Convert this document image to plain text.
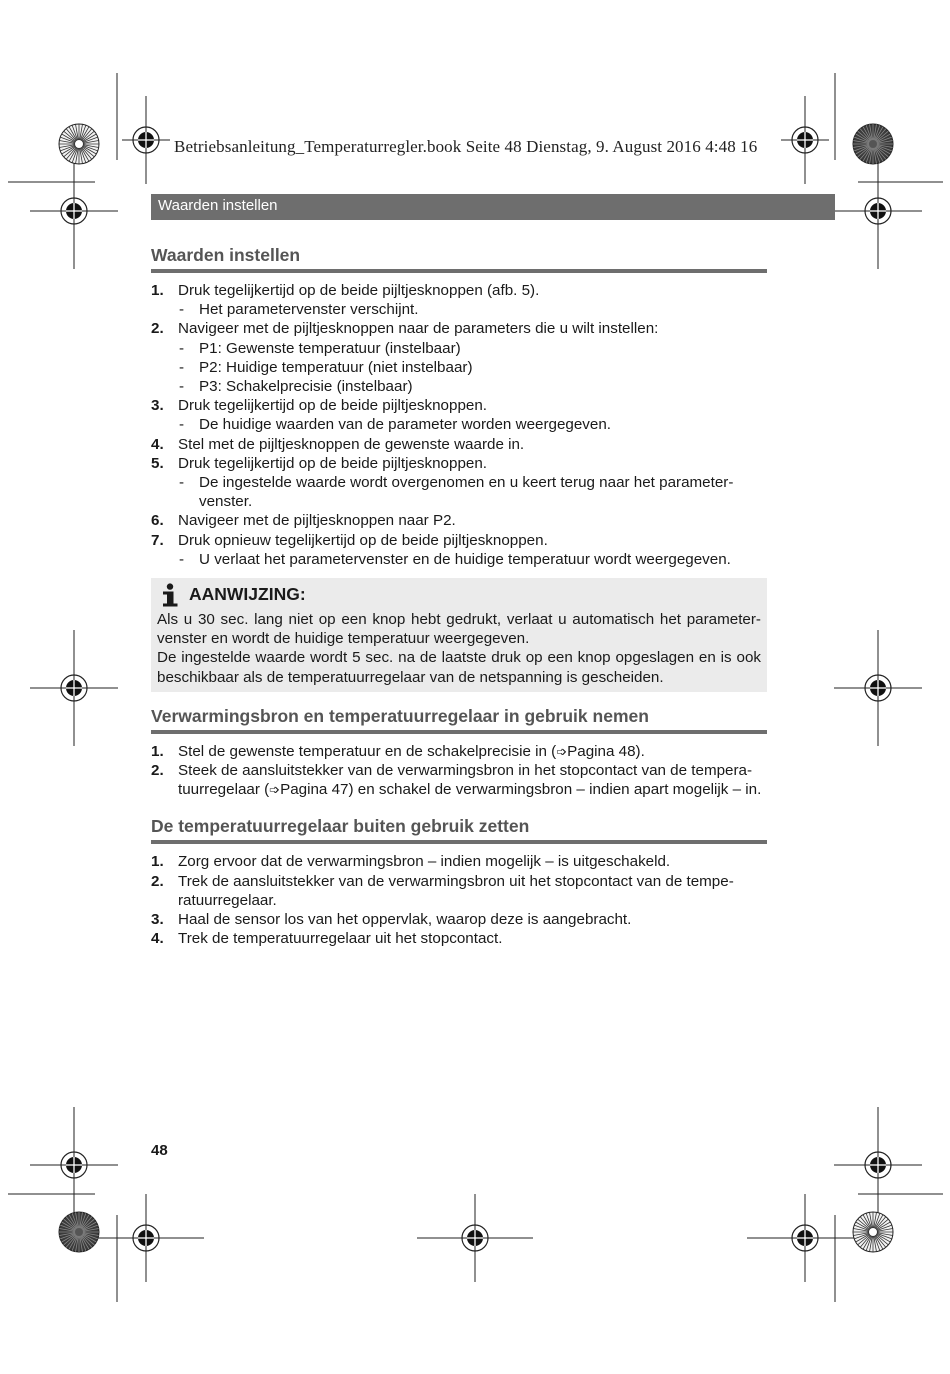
Betriebsanleitung_Temperaturregler.book Seite 48 Dienstag, 9. August 2016 4:48 16
Waarden instellen
Waarden instellen
1. Druk tegelijkertijd op de beide pijltjesknoppen (afb. 5).
- Het parametervenster verschijnt.
2. Navigeer met de pijltjesknoppen naar de parameters die u wilt instellen:
- P1: Gewenste temperatuur (instelbaar)
- P2: Huidige temperatuur (niet instelbaar)
- P3: Schakelprecisie (instelbaar)
3. Druk tegelijkertijd op de beide pijltjesknoppen.
- De huidige waarden van de parameter worden weergegeven.
4. Stel met de pijltjesknoppen de gewenste waarde in.
5. Druk tegelijkertijd op de beide pijltjesknoppen.
- De ingestelde waarde wordt overgenomen en u keert terug naar het parameter-venster.
6. Navigeer met de pijltjesknoppen naar P2.
7. Druk opnieuw tegelijkertijd op de beide pijltjesknoppen.
- U verlaat het parametervenster en de huidige temperatuur wordt weergegeven.
AANWIJZING:

Als u 30 sec. lang niet op een knop hebt gedrukt, verlaat u automatisch het parameter-venster en wordt de huidige temperatuur weergegeven.

De ingestelde waarde wordt 5 sec. na de laatste druk op een knop opgeslagen en is ook beschikbaar als de temperatuurregelaar van de netspanning is gescheiden.

Verwarmingsbron en temperatuurregelaar in gebruik nemen
1. Stel de gewenste temperatuur en de schakelprecisie in (➩Pagina 48).
2. Steek de aansluitstekker van de verwarmingsbron in het stopcontact van de tempera-tuurregelaar (➩Pagina 47) en schakel de verwarmingsbron – indien apart mogelijk – in.
De temperatuurregelaar buiten gebruik zetten
1. Zorg ervoor dat de verwarmingsbron – indien mogelijk – is uitgeschakeld.
2. Trek de aansluitstekker van de verwarmingsbron uit het stopcontact van de tempe-ratuurregelaar.
3. Haal de sensor los van het oppervlak, waarop deze is aangebracht.
4. Trek de temperatuurregelaar uit het stopcontact.
48
